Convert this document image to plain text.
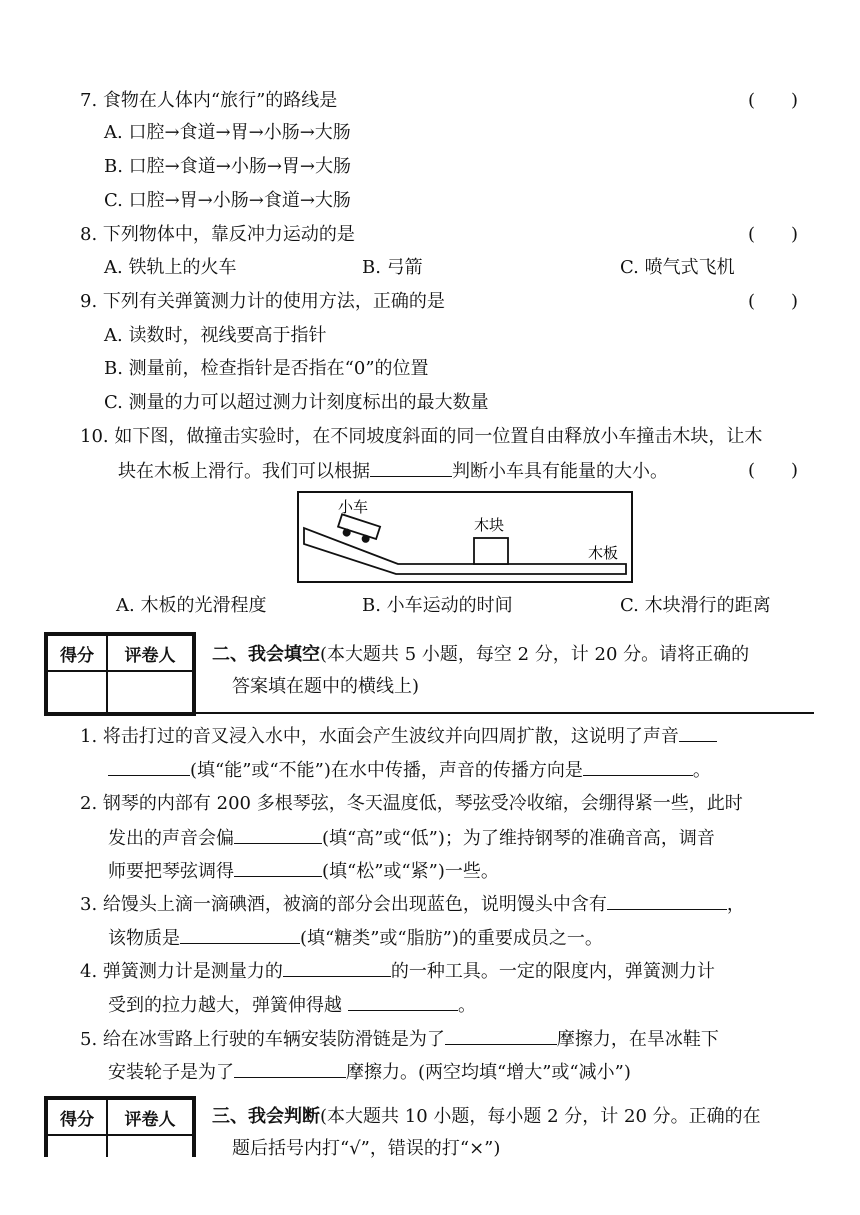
7. 食物在人体内“旅行”的路线是	(　　)
A. 口腔→食道→胃→小肠→大肠
B. 口腔→食道→小肠→胃→大肠
C. 口腔→胃→小肠→食道→大肠
8. 下列物体中，靠反冲力运动的是	(　　)
A. 铁轨上的火车	B. 弓箭	C. 喷气式飞机
9. 下列有关弹簧测力计的使用方法，正确的是	(　　)
A. 读数时，视线要高于指针
B. 测量前，检查指针是否指在“0”的位置
C. 测量的力可以超过测力计刻度标出的最大数量
10. 如下图，做撞击实验时，在不同坡度斜面的同一位置自由释放小车撞击木块，让木
块在木板上滑行。我们可以根据	判断小车具有能量的大小。	(　　)
小车
木块
木板
A. 木板的光滑程度	B. 小车运动的时间	C. 木块滑行的距离
得分	评卷人
	二、我会填空(本大题共 5 小题，每空 2 分，计 20 分。请将正确的
答案填在题中的横线上)
1. 将击打过的音叉浸入水中，水面会产生波纹并向四周扩散，这说明了声音
(填“能”或“不能”)在水中传播，声音的传播方向是	。
2. 钢琴的内部有 200 多根琴弦，冬天温度低，琴弦受冷收缩，会绷得紧一些，此时
发出的声音会偏	(填“高”或“低”)；为了维持钢琴的准确音高，调音
师要把琴弦调得	(填“松”或“紧”)一些。
3. 给馒头上滴一滴碘酒，被滴的部分会出现蓝色，说明馒头中含有	，
该物质是	(填“糖类”或“脂肪”)的重要成员之一。
4. 弹簧测力计是测量力的	的一种工具。一定的限度内，弹簧测力计
受到的拉力越大，弹簧伸得越	。
5. 给在冰雪路上行驶的车辆安装防滑链是为了	摩擦力，在旱冰鞋下
安装轮子是为了	摩擦力。(两空均填“增大”或“减小”)
得分	评卷人
	三、我会判断(本大题共 10 小题，每小题 2 分，计 20 分。正确的在
题后括号内打“√”，错误的打“×”)
